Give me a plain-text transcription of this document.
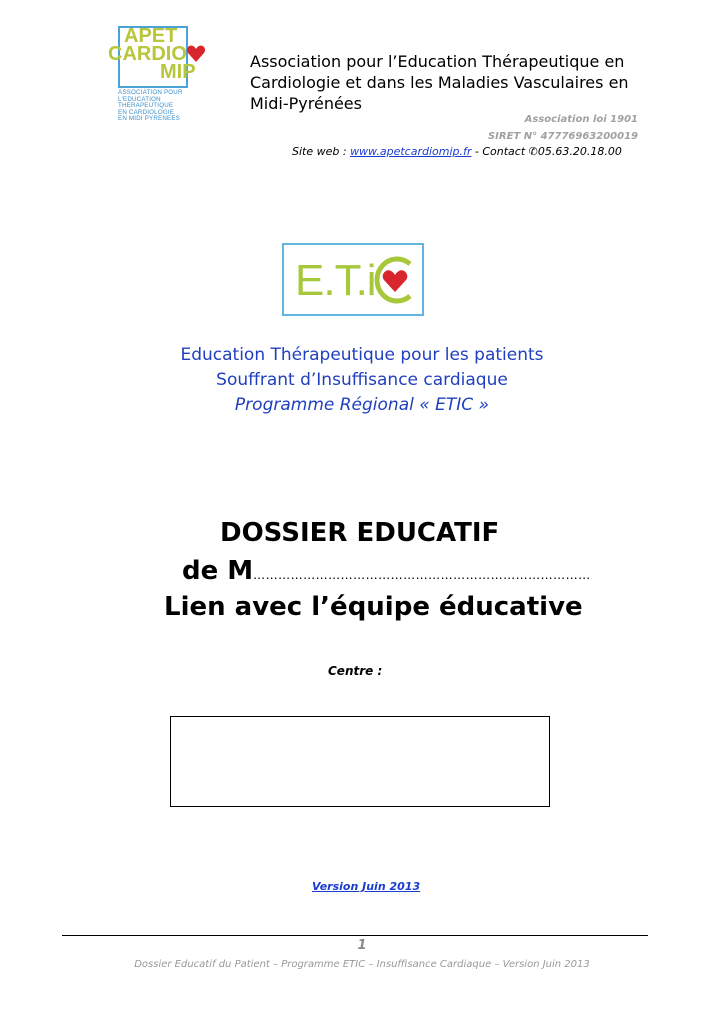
APET
CARDIO
MIP
ASSOCIATION POUR
L'EDUCATION
THERAPEUTIQUE
EN CARDIOLOGIE
EN MIDI PYRENEES
Association pour l’Education Thérapeutique en Cardiologie et dans les Maladies Vasculaires en Midi-Pyrénées
Association loi 1901
SIRET N° 47776963200019
Site web : www.apetcardiomip.fr - Contact ✆05.63.20.18.00
E.T.i
Education Thérapeutique pour les patients
Souffrant d’Insuffisance cardiaque
Programme Régional « ETIC »
DOSSIER EDUCATIF
de M………………………………………………………………………
Lien avec l’équipe éducative
Centre :
Version Juin 2013
1
Dossier Educatif du Patient – Programme ETIC – Insuffisance Cardiaque – Version Juin 2013
